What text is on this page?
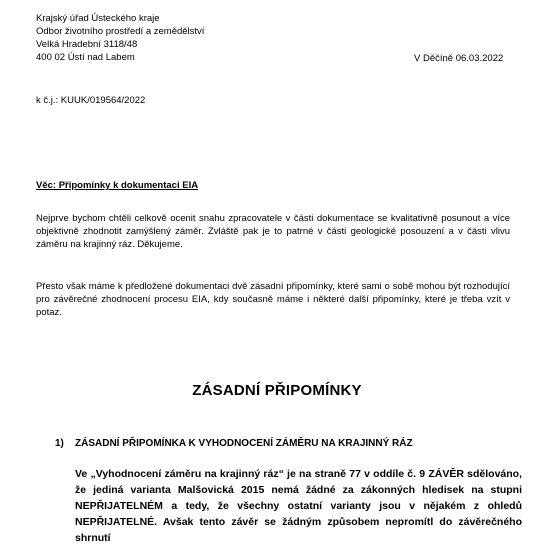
Krajský úřad Ústeckého kraje
Odbor životního prostředí a zemědělství
Velká Hradební 3118/48
400 02 Ústí nad Labem	V Děčíně 06.03.2022
k č.j.: KUUK/019564/2022
Věc: Připomínky k dokumentaci EIA
Nejprve bychom chtěli celkově ocenit snahu zpracovatele v části dokumentace se kvalitativně posunout a více objektivně zhodnotit zamýšlený záměr. Zvláště pak je to patrné v části geologické posouzení a v části vlivu záměru na krajinný ráz. Děkujeme.
Přesto však máme k předložené dokumentaci dvě zásadní připomínky, které sami o sobě mohou být rozhodující pro závěrečné zhodnocení procesu EIA, kdy současně máme i některé další připomínky, které je třeba vzít v potaz.
ZÁSADNÍ PŘIPOMÍNKY
1) ZÁSADNÍ PŘIPOMÍNKA K VYHODNOCENÍ ZÁMĚRU NA KRAJINNÝ RÁZ
Ve „Vyhodnocení záměru na krajinný ráz“ je na straně 77 v oddíle č. 9 ZÁVĚR sdělováno, že jediná varianta Malšovická 2015 nemá žádné za zákonných hledisek na stupni NEPŘIJATELNÉM a tedy, že všechny ostatní varianty jsou v nějakém z ohledů NEPŘIJATELNÉ. Avšak tento závěr se žádným způsobem nepromítl do závěrečného shrnutí
